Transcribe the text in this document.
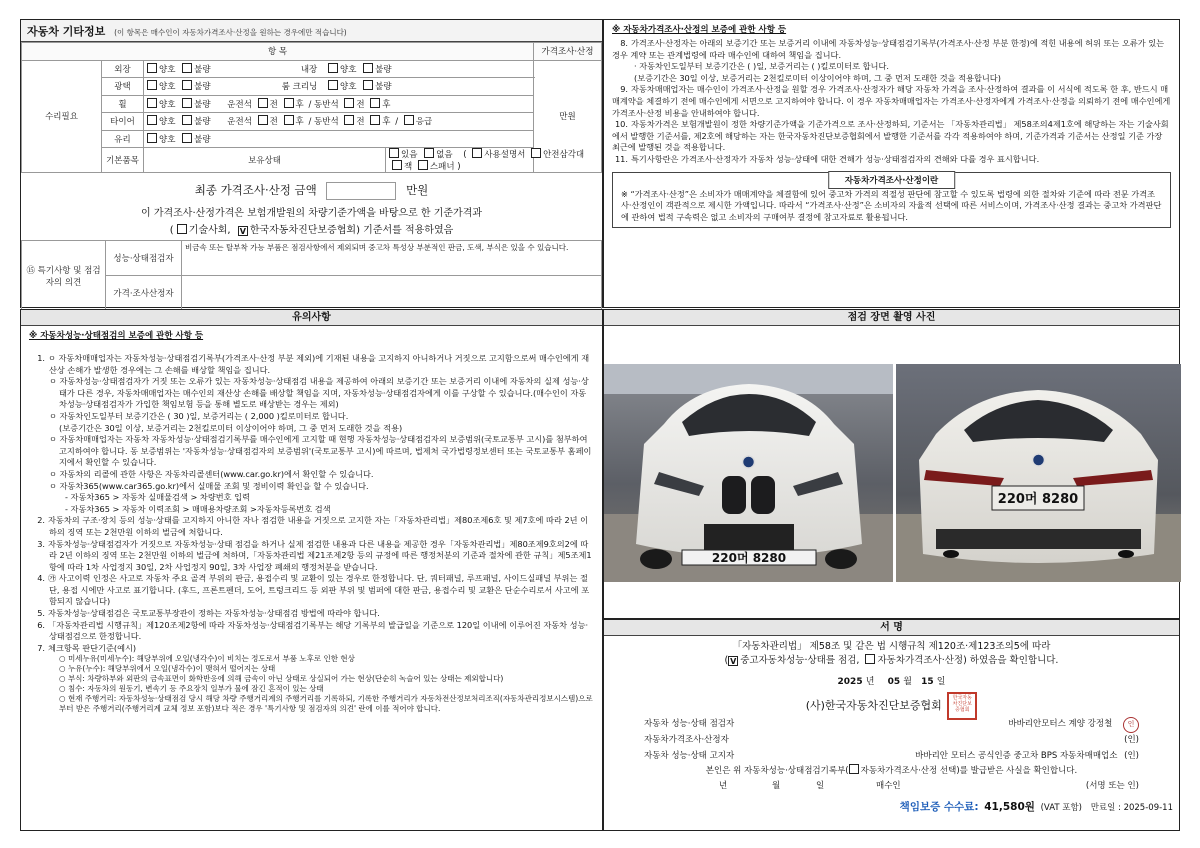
자동차 기타정보 (이 항목은 매수인이 자동차가격조사·산정을 원하는 경우에만 적습니다)
항 목				가격조사·산정
수리필요	외장	양호 불량 내장 양호 불량		만원
	광택	양호 불량 룸 크리닝 양호 불량		
	휠	양호 불량 운전석 전 후 / 동반석 전 후		
	타이어	양호 불량 운전석 전 후 / 동반석 전 후 / 응급		
	유리	양호 불량		
	기본품목	보유상태	있음 없음 ( 사용설명서 안전삼각대 잭 스패너 )	
최종 가격조사·산정 금액	만원
이 가격조사·산정가격은 보험개발원의 차량기준가액을 바탕으로 한 기준가격과
( 기술사회, V 한국자동차진단보증협회) 기준서를 적용하였음
⑮ 특기사항 및 점검자의 의견	성능·상태점검자	비금속 또는 탈부착 가능 부품은 점검사항에서 제외되며 중고차 특성상 부분적인 판금, 도색, 부식은 있을 수 있습니다.
	가격·조사산정자	
※ 자동차가격조사·산정의 보증에 관한 사항 등
8. 가격조사·산정자는 아래의 보증기간 또는 보증거리 이내에 자동차성능·상태점검기록부(가격조사·산정 부분 한정)에 적힌 내용에 허위 또는 오류가 있는 경우 계약 또는 관계법령에 따라 매수인에 대하여 책임을 집니다.
· 자동차인도일부터 보증기간은 ( )일, 보증거리는 ( )킬로미터로 합니다.
(보증기간은 30일 이상, 보증거리는 2천킬로미터 이상이어야 하며, 그 중 먼저 도래한 것을 적용합니다)
9. 자동차매매업자는 매수인이 가격조사·산정을 원할 경우 가격조사·산정자가 해당 자동차 가격을 조사·산정하여 결과를 이 서식에 적도록 한 후, 반드시 매매계약을 체결하기 전에 매수인에게 서면으로 고지하여야 합니다. 이 경우 자동차매매업자는 가격조사·산정자에게 가격조사·산정을 의뢰하기 전에 매수인에게 가격조사·산정 비용을 안내하여야 합니다.
10. 자동차가격은 보험개발원이 정한 차량기준가액을 기준가격으로 조사·산정하되, 기준서는 「자동차관리법」 제58조의4제1호에 해당하는 자는 기술사회에서 발행한 기준서를, 제2호에 해당하는 자는 한국자동차진단보증협회에서 발행한 기준서를 각각 적용하여야 하며, 기준가격과 기준서는 산정일 기준 가장 최근에 발행된 것을 적용합니다.
11. 특기사항란은 가격조사·산정자가 자동차 성능·상태에 대한 견해가 성능·상태점검자의 견해와 다를 경우 표시합니다.
자동차가격조사·산정이란
※ “가격조사·산정”은 소비자가 매매계약을 체결함에 있어 중고차 가격의 적절성 판단에 참고할 수 있도록 법령에 의한 절차와 기준에 따라 전문 가격조사·산정인이 객관적으로 제시한 가액입니다. 따라서 “가격조사·산정”은 소비자의 자율적 선택에 따른 서비스이며, 가격조사·산정 결과는 중고차 가격판단에 관하여 법적 구속력은 없고 소비자의 구매여부 결정에 참고자료로 활용됩니다.
유의사항
※ 자동차성능·상태점검의 보증에 관한 사항 등
1. ㅇ 자동차매매업자는 자동차성능·상태점검기록부(가격조사·산정 부분 제외)에 기재된 내용을 고지하지 아니하거나 거짓으로 고지함으로써 매수인에게 재산상 손해가 발생한 경우에는 그 손해를 배상할 책임을 집니다.
ㅇ 자동차성능·상태점검자가 거짓 또는 오류가 있는 자동차성능·상태점검 내용을 제공하여 아래의 보증기간 또는 보증거리 이내에 자동차의 실제 성능·상태가 다른 경우, 자동차매매업자는 매수인의 재산상 손해를 배상할 책임을 지며, 자동차성능·상태점검자에게 이를 구상할 수 있습니다.(매수인이 자동차성능·상태점검자가 가입한 책임보험 등을 통해 별도로 배상받는 경우는 제외)
ㅇ 자동차인도일부터 보증기간은 ( 30 )일, 보증거리는 ( 2,000 )킬로미터로 합니다.
(보증기간은 30일 이상, 보증거리는 2천킬로미터 이상이어야 하며, 그 중 먼저 도래한 것을 적용)
ㅇ 자동차매매업자는 자동차 자동차성능·상태점검기록부를 매수인에게 고지할 때 현행 자동차성능·상태점검자의 보증범위(국토교통부 고시)를 첨부하여 고지하여야 합니다. 동 보증범위는 '자동차성능·상태점검자의 보증범위'(국토교통부 고시)에 따르며, 법제처 국가법령정보센터 또는 국토교통부 홈페이지에서 확인할 수 있습니다.
ㅇ 자동차의 리콜에 관한 사항은 자동차리콜센터(www.car.go.kr)에서 확인할 수 있습니다.
ㅇ 자동차365(www.car365.go.kr)에서 실매물 조회 및 정비이력 확인을 할 수 있습니다.
- 자동차365 > 자동차 실매물검색 > 차량번호 입력
- 자동차365 > 자동차 이력조회 > 매매용차량조회 >자동차등록번호 검색
2. 자동차의 구조·장치 등의 성능·상태를 고지하지 아니한 자나 점검한 내용을 거짓으로 고지한 자는「자동차관리법」제80조제6호 및 제7호에 따라 2년 이하의 징역 또는 2천만원 이하의 벌금에 처합니다.
3. 자동차성능·상태점검자가 거짓으로 자동차성능·상태 점검을 하거나 실제 점검한 내용과 다른 내용을 제공한 경우「자동차관리법」제80조제9호의2에 따라 2년 이하의 징역 또는 2천만원 이하의 벌금에 처하며,「자동차관리법 제21조제2항 등의 규정에 따른 행정처분의 기준과 절차에 관한 규칙」제5조제1항에 따라 1차 사업정지 30일, 2차 사업정지 90일, 3차 사업장 폐쇄의 행정처분을 받습니다.
4. ㉮ 사고이력 인정은 사고로 자동차 주요 골격 부위의 판금, 용접수리 및 교환이 있는 경우로 한정합니다. 단, 쿼터패널, 루프패널, 사이드실패널 부위는 절단, 용접 시에만 사고로 표기합니다. (후드, 프론트펜더, 도어, 트렁크리드 등 외판 부위 및 범퍼에 대한 판금, 용접수리 및 교환은 단순수리로서 사고에 포함되지 않습니다)
5. 자동차성능·상태점검은 국토교통부장관이 정하는 자동차성능·상태점검 방법에 따라야 합니다.
6. 「자동차관리법 시행규칙」제120조제2항에 따라 자동차성능·상태점검기록부는 해당 기록부의 발급일을 기준으로 120일 이내에 이루어진 자동차 성능·상태점검으로 한정합니다.
7. 체크항목 판단기준(예시)
○ 미세누유(미세누수): 해당부위에 오일(냉각수)이 비치는 정도로서 부품 노후로 인한 현상
○ 누유(누수): 해당부위에서 오일(냉각수)이 맺혀서 떨어지는 상태
○ 부식: 차량하부와 외판의 금속표면이 화학반응에 의해 금속이 아닌 상태로 상실되어 가는 현상(단순히 녹슬어 있는 상태는 제외합니다)
○ 침수: 자동차의 원동기, 변속기 등 주요장치 일부가 물에 잠긴 흔적이 있는 상태
○ 현재 주행거리: 자동차성능·상태점검 당시 해당 차량 주행거리계의 주행거리를 기록하되, 기록한 주행거리가 자동차전산정보처리조직(자동차관리정보시스템)으로부터 받은 주행거리(주행거리계 교체 정보 포함)보다 적은 경우 '특기사항 및 점검자의 의견' 란에 이를 적어야 합니다.
점검 장면 촬영 사진
220머 8280
220머 8280
서 명
「자동차관리법」 제58조 및 같은 법 시행규칙 제120조·제123조의5에 따라
( V 중고자동차성능·상태를 점검, 자동차가격조사·산정) 하였음을 확인합니다.
2025 년 05 월 15 일
(사)한국자동차진단보증협회 한국자동차진단보증협회
자동차 성능·상태 점검자	바바리안모터스 계양 강정철 인
자동차가격조사·산정자	(인)
자동차 성능·상태 고지자	바바리안 모터스 공식인증 중고차 BPS 자동차매매업소 (인)
본인은 위 자동차성능·상태점검기록부( 자동차가격조사·산정 선택)를 발급받은 사실을 확인합니다.
년	월	일	매수인	(서명 또는 인)
책임보증 수수료: 41,580원 (VAT 포함) 만료일 : 2025-09-11
